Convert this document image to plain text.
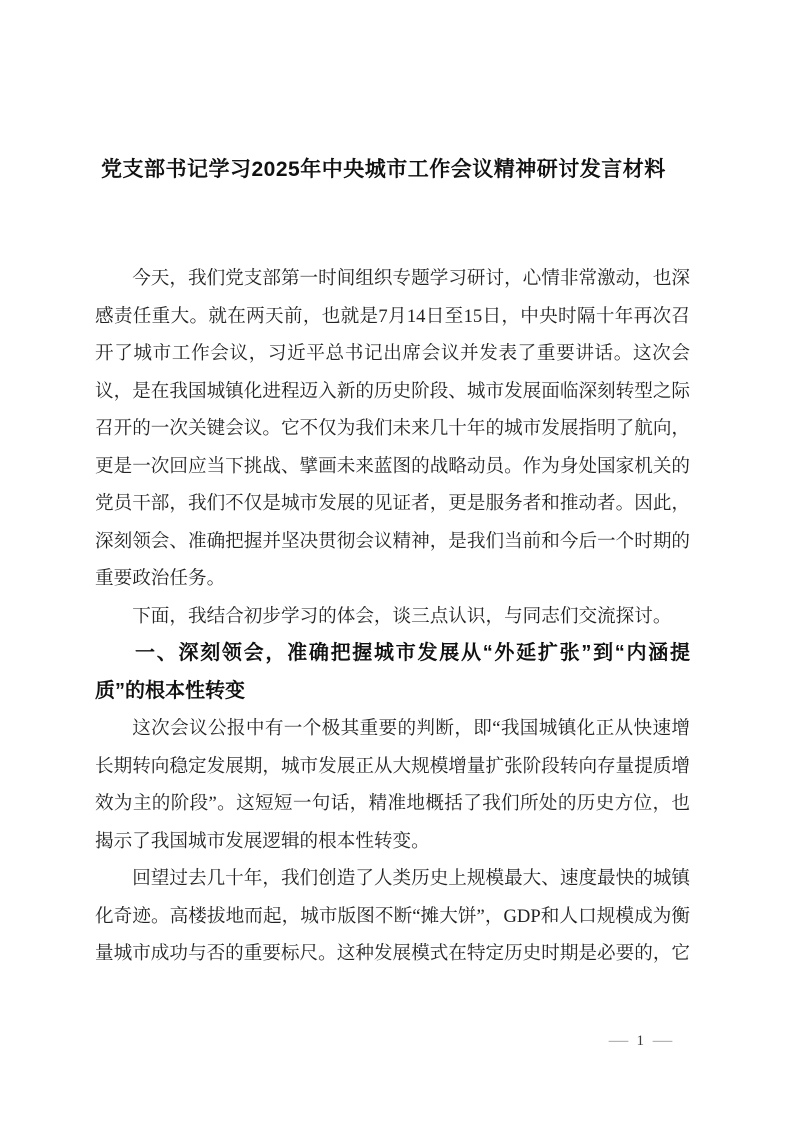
党支部书记学习2025年中央城市工作会议精神研讨发言材料

今天，我们党支部第一时间组织专题学习研讨，心情非常激动，也深感责任重大。就在两天前，也就是7月14日至15日，中央时隔十年再次召开了城市工作会议，习近平总书记出席会议并发表了重要讲话。这次会议，是在我国城镇化进程迈入新的历史阶段、城市发展面临深刻转型之际召开的一次关键会议。它不仅为我们未来几十年的城市发展指明了航向，更是一次回应当下挑战、擘画未来蓝图的战略动员。作为身处国家机关的党员干部，我们不仅是城市发展的见证者，更是服务者和推动者。因此，深刻领会、准确把握并坚决贯彻会议精神，是我们当前和今后一个时期的重要政治任务。

下面，我结合初步学习的体会，谈三点认识，与同志们交流探讨。

一、深刻领会，准确把握城市发展从“外延扩张”到“内涵提质”的根本性转变

这次会议公报中有一个极其重要的判断，即“我国城镇化正从快速增长期转向稳定发展期，城市发展正从大规模增量扩张阶段转向存量提质增效为主的阶段”。这短短一句话，精准地概括了我们所处的历史方位，也揭示了我国城市发展逻辑的根本性转变。

回望过去几十年，我们创造了人类历史上规模最大、速度最快的城镇化奇迹。高楼拔地而起，城市版图不断“摊大饼”，GDP和人口规模成为衡量城市成功与否的重要标尺。这种发展模式在特定历史时期是必要的，它

— 1 —
